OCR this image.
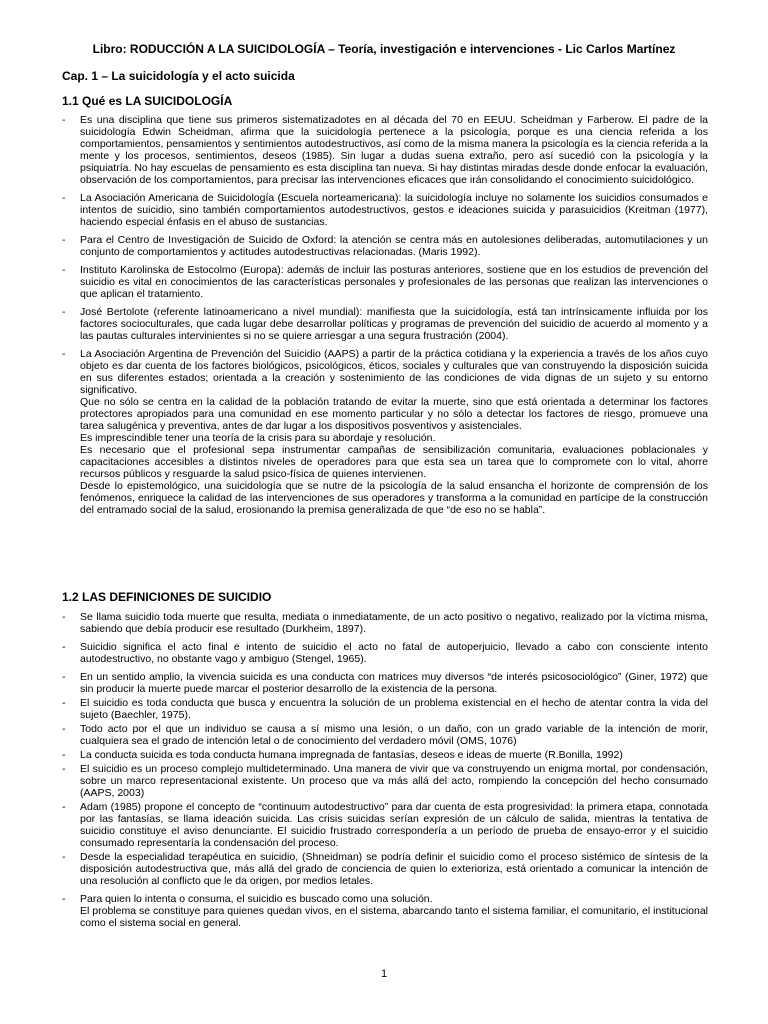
Libro: RODUCCIÓN A LA SUICIDOLOGÍA – Teoría, investigación e intervenciones - Lic Carlos Martínez
Cap. 1 – La suicidología y el acto suicida
1.1 Qué es LA SUICIDOLOGÍA

- Es una disciplina que tiene sus primeros sistematizadotes en al década del 70 en EEUU. Scheidman y Farberow. El padre de la suicidología Edwin Scheidman, afirma que la suicidología pertenece a la psicología, porque es una ciencia referida a los comportamientos, pensamientos y sentimientos autodestructivos, así como de la misma manera la psicología es la ciencia referida a la mente y los procesos, sentimientos, deseos (1985). Sin lugar a dudas suena extraño, pero así sucedió con la psicología y la psiquiatría. No hay escuelas de pensamiento es esta disciplina tan nueva. Si hay distintas miradas desde donde enfocar la evaluación, observación de los comportamientos, para precisar las intervenciones eficaces que irán consolidando el conocimiento suicidológico.

- La Asociación Americana de Suicidología (Escuela norteamericana): la suicidología incluye no solamente los suicidios consumados e intentos de suicidio, sino también comportamientos autodestructivos, gestos e ideaciones suicida y parasuicidios (Kreitman (1977), haciendo especial énfasis en el abuso de sustancias.

- Para el Centro de Investigación de Suicido de Oxford: la atención se centra más en autolesiones deliberadas, automutilaciones y un conjunto de comportamientos y actitudes autodestructivas relacionadas. (Maris 1992).

- Instituto Karolinska de Estocolmo (Europa): además de incluir las posturas anteriores, sostiene que en los estudios de prevención del suicidio es vital en conocimientos de las características personales y profesionales de las personas que realizan las intervenciones o que aplican el tratamiento.

- José Bertolote (referente latinoamericano a nivel mundial): manifiesta que la suicidología, está tan intrínsicamente influida por los factores socioculturales, que cada lugar debe desarrollar políticas y programas de prevención del suicidio de acuerdo al momento y a las pautas culturales intervinientes si no se quiere arriesgar a una segura frustración (2004).

- La Asociación Argentina de Prevención del Suicidio (AAPS) a partir de la práctica cotidiana y la experiencia a través de los años cuyo objeto es dar cuenta de los factores biológicos, psicológicos, éticos, sociales y culturales que van construyendo la disposición suicida en sus diferentes estados; orientada a la creación y sostenimiento de las condiciones de vida dignas de un sujeto y su entorno significativo.

Que no sólo se centra en la calidad de la población tratando de evitar la muerte, sino que está orientada a determinar los factores protectores apropiados para una comunidad en ese momento particular y no sólo a detectar los factores de riesgo, promueve una tarea salugénica y preventiva, antes de dar lugar a los dispositivos posventivos y asistenciales.

Es imprescindible tener una teoría de la crisis para su abordaje y resolución.

Es necesario que el profesional sepa instrumentar campañas de sensibilización comunitaria, evaluaciones poblacionales y capacitaciones accesibles a distintos niveles de operadores para que esta sea un tarea que lo compromete con lo vital, ahorre recursos públicos y resguarde la salud psico-física de quienes intervienen.

Desde lo epistemológico, una suicidología que se nutre de la psicología de la salud ensancha el horizonte de comprensión de los fenómenos, enriquece la calidad de las intervenciones de sus operadores y transforma a la comunidad en partícipe de la construcción del entramado social de la salud, erosionando la premisa generalizada de que “de eso no se habla”.

1.2 LAS DEFINICIONES DE SUICIDIO

- Se llama suicidio toda muerte que resulta, mediata o inmediatamente, de un acto positivo o negativo, realizado por la víctima misma, sabiendo que debía producir ese resultado (Durkheim, 1897).

- Suicidio significa el acto final e intento de suicidio el acto no fatal de autoperjuicio, llevado a cabo con consciente intento autodestructivo, no obstante vago y ambiguo (Stengel, 1965).

- En un sentido amplio, la vivencia suicida es una conducta con matrices muy diversos “de interés psicosociológico” (Giner, 1972) que sin producir la muerte puede marcar el posterior desarrollo de la existencia de la persona.

- El suicidio es toda conducta que busca y encuentra la solución de un problema existencial en el hecho de atentar contra la vida del sujeto (Baechler, 1975).

- Todo acto por el que un individuo se causa a sí mismo una lesión, o un daño, con un grado variable de la intención de morir, cualquiera sea el grado de intención letal o de conocimiento del verdadero móvil (OMS, 1076)

- La conducta suicida es toda conducta humana impregnada de fantasías, deseos e ideas de muerte (R.Bonilla, 1992)

- El suicidio es un proceso complejo multideterminado. Una manera de vivir que va construyendo un enigma mortal, por condensación, sobre un marco representacional existente. Un proceso que va más allá del acto, rompiendo la concepción del hecho consumado (AAPS, 2003)

- Adam (1985) propone el concepto de “continuum autodestructivo” para dar cuenta de esta progresividad: la primera etapa, connotada por las fantasías, se llama ideación suicida. Las crisis suicidas serían expresión de un cálculo de salida, mientras la tentativa de suicidio constituye el aviso denunciante. El suicidio frustrado correspondería a un período de prueba de ensayo-error y el suicidio consumado representaría la condensación del proceso.

- Desde la especialidad terapéutica en suicidio, (Shneidman) se podría definir el suicidio como el proceso sistémico de síntesis de la disposición autodestructiva que, más allá del grado de conciencia de quien lo exterioriza, está orientado a comunicar la intención de una resolución al conflicto que le da origen, por medios letales.

- Para quien lo intenta o consuma, el suicidio es buscado como una solución.

El problema se constituye para quienes quedan vivos, en el sistema, abarcando tanto el sistema familiar, el comunitario, el institucional como el sistema social en general.

1
